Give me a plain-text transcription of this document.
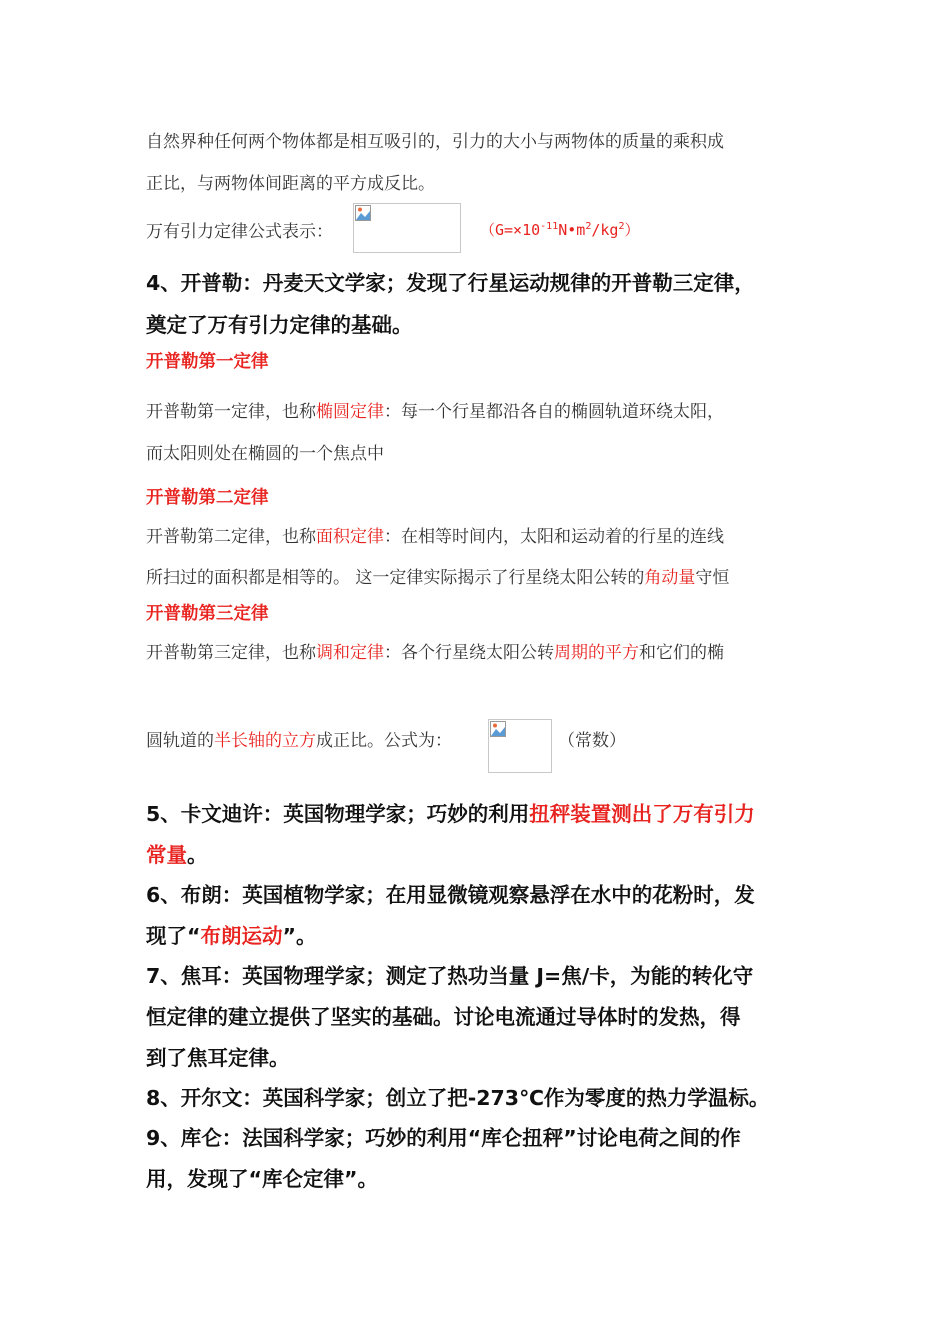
自然界种任何两个物体都是相互吸引的，引力的大小与两物体的质量的乘积成
正比，与两物体间距离的平方成反比。
万有引力定律公式表示：	$(G=\times 10^{-11}N•m^2/kg^2)$
4、开普勒：丹麦天文学家；发现了行星运动规律的开普勒三定律，
奠定了万有引力定律的基础。
开普勒第一定律
开普勒第一定律，也称椭圆定律：每一个行星都沿各自的椭圆轨道环绕太阳，
而太阳则处在椭圆的一个焦点中
开普勒第二定律
开普勒第二定律，也称面积定律：在相等时间内，太阳和运动着的行星的连线
所扫过的面积都是相等的。 这一定律实际揭示了行星绕太阳公转的角动量守恒
开普勒第三定律
开普勒第三定律，也称调和定律：各个行星绕太阳公转周期的平方和它们的椭
圆轨道的半长轴的立方成正比。公式为：	（常数）
5、卡文迪许：英国物理学家；巧妙的利用扭秤装置测出了万有引力
常量。
6、布朗：英国植物学家；在用显微镜观察悬浮在水中的花粉时，发
现了“布朗运动”。
7、焦耳：英国物理学家；测定了热功当量 J=焦/卡，为能的转化守
恒定律的建立提供了坚实的基础。讨论电流通过导体时的发热，得
到了焦耳定律。
8、开尔文：英国科学家；创立了把-273℃作为零度的热力学温标。
9、库仑：法国科学家；巧妙的利用“库仑扭秤”讨论电荷之间的作
用，发现了“库仑定律”。
